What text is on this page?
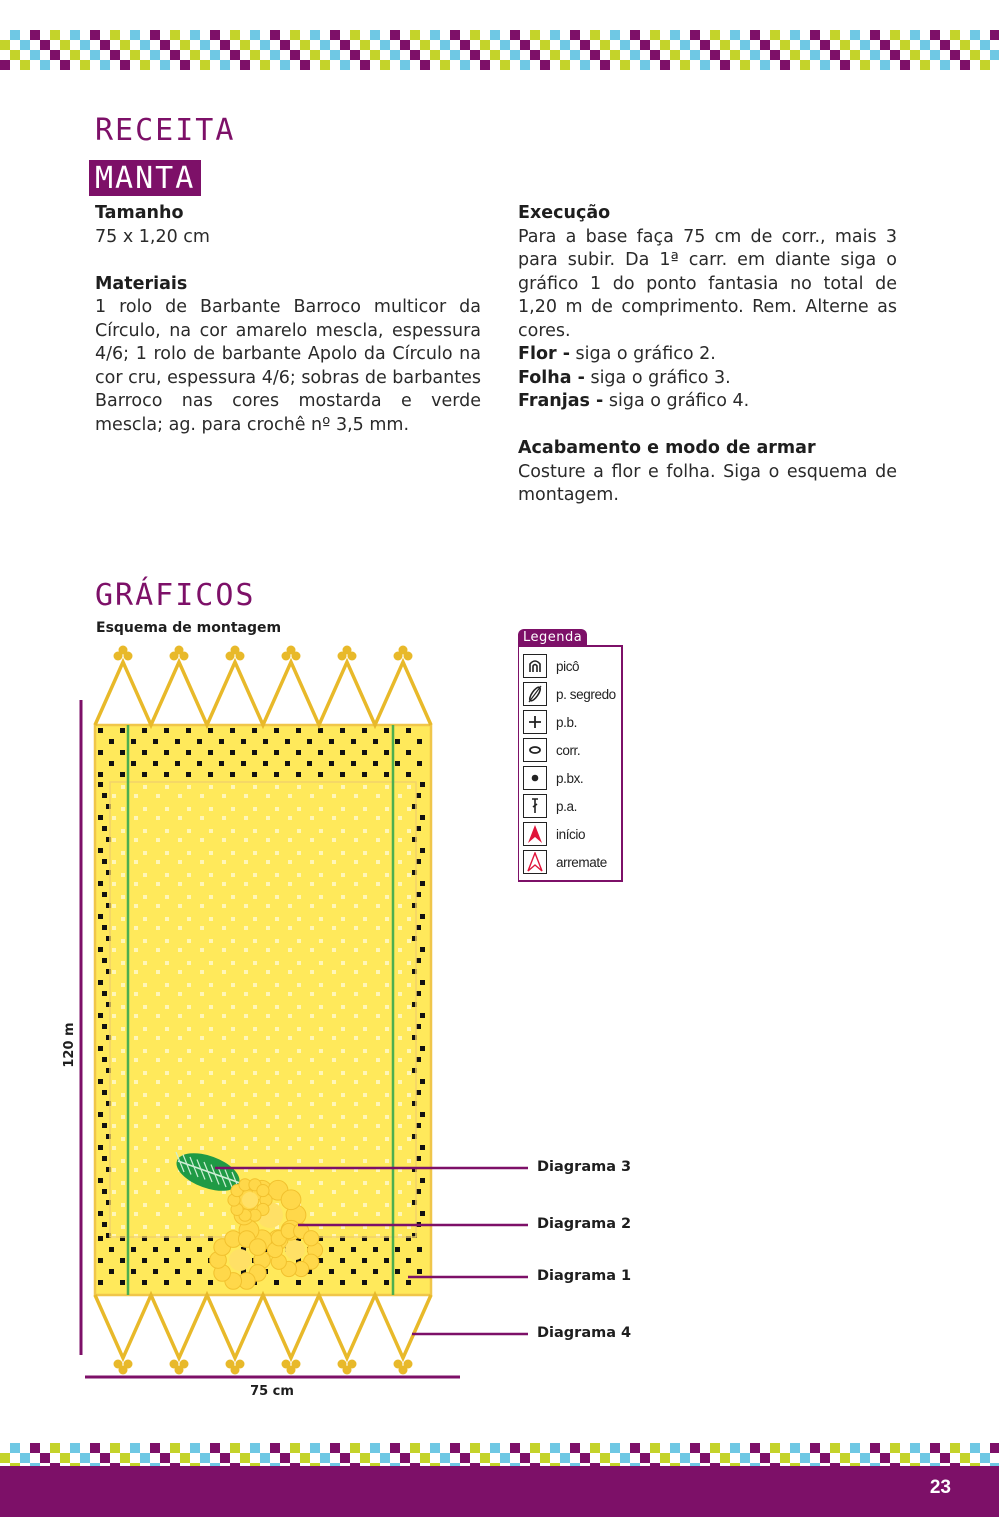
23
RECEITA
MANTA
GRÁFICOS
Tamanho

75 x 1,20 cm

Materiais

1 rolo de Barbante Barroco multicor da Círculo, na cor amarelo mescla, espessura 4/6; 1 rolo de barbante Apolo da Círculo na cor cru, espessura 4/6; sobras de barbantes Barroco nas cores mostarda e verde mescla; ag. para crochê nº 3,5 mm.

Execução

Para a base faça 75 cm de corr., mais 3 para subir. Da 1ª carr. em diante siga o gráfico 1 do ponto fantasia no total de 1,20 m de comprimento. Rem. Alterne as cores.

Flor - siga o gráfico 2.

Folha - siga o gráfico 3.

Franjas - siga o gráfico 4.

Acabamento e modo de armar

Costure a flor e folha. Siga o esquema de montagem.

Esquema de montagem
120 m
75 cm
Diagrama 3
Diagrama 2
Diagrama 1
Diagrama 4
Legenda
picô
p. segredo
p.b.
corr.
p.bx.
p.a.
início
arremate
